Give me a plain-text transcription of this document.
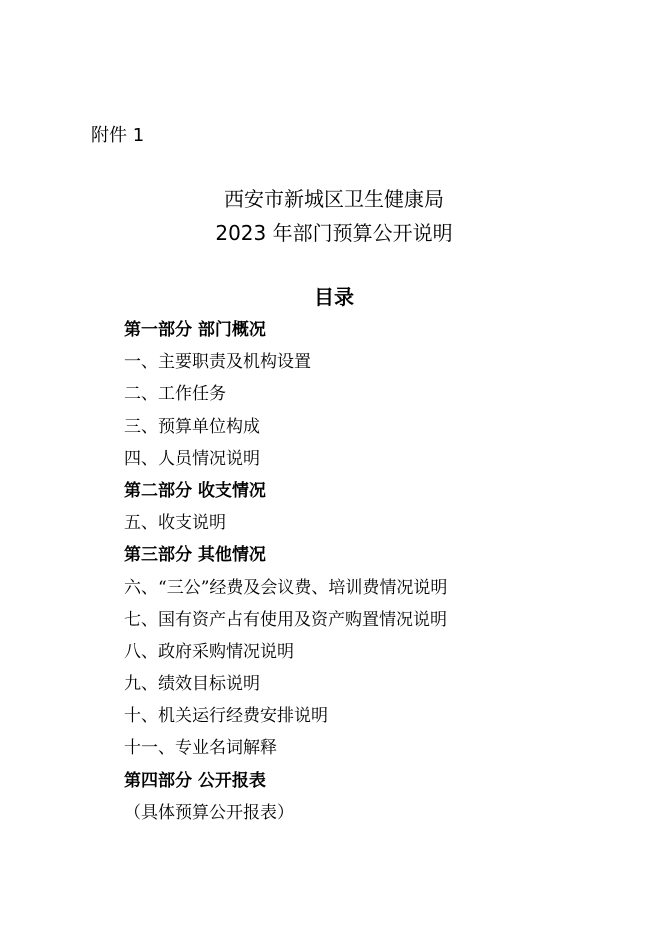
附件 1
西安市新城区卫生健康局
2023 年部门预算公开说明
目录
第一部分 部门概况
一、主要职责及机构设置
二、工作任务
三、预算单位构成
四、人员情况说明
第二部分 收支情况
五、收支说明
第三部分 其他情况
六、“三公”经费及会议费、培训费情况说明
七、国有资产占有使用及资产购置情况说明
八、政府采购情况说明
九、绩效目标说明
十、机关运行经费安排说明
十一、专业名词解释
第四部分 公开报表
（具体预算公开报表）
